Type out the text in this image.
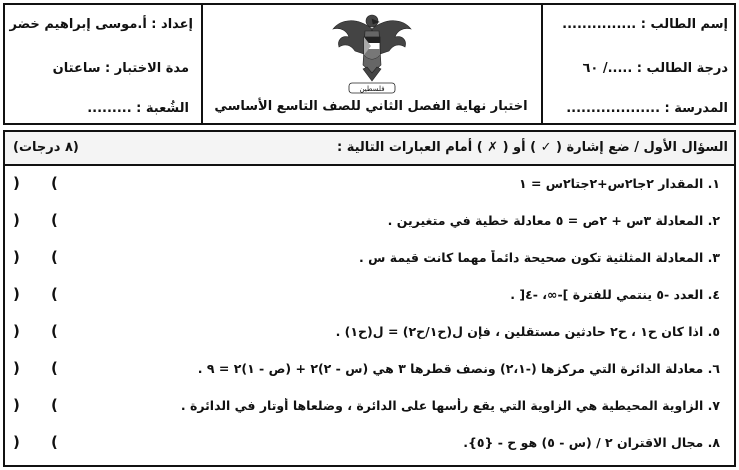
إعداد : أ.موسى إبراهيم خضر
مدة الاختبار : ساعتان
الشُعبة : .........
إسم الطالب : ...............
درجة الطالب : ...../ ٦٠
المدرسة : ...................
فلسطين
اختبار نهاية الفصل الثاني للصف التاسع الأساسي
السؤال الأول / ضع إشارة ( ✓ ) أو ( ✗ ) أمام العبارات التالية :
(٨ درجات)
١. المقدار ٢جا٢س+٢جتا٢س = ١
) (
٢. المعادلة ٣س + ٢ص = ٥ معادلة خطية في متغيرين .
) (
٣. المعادلة المثلثية تكون صحيحة دائماً مهما كانت قيمة س .
) (
٤. العدد -٥ ينتمي للفترة ]-∞، -٤[ .
) (
٥. اذا كان ح١ ، ح٢ حادثين مستقلين ، فإن ل(ح١/ح٢) = ل(ح١) .
) (
٦. معادلة الدائرة التي مركزها (-٢،١) ونصف قطرها ٣ هي (س - ٢)٢ + (ص - ١)٢ = ٩ .
) (
٧. الزاوية المحيطية هي الزاوية التي يقع رأسها على الدائرة ، وضلعاها أوتار في الدائرة .
) (
٨. مجال الاقتران ٢ / (س - ٥) هو ح - {٥}.
) (
